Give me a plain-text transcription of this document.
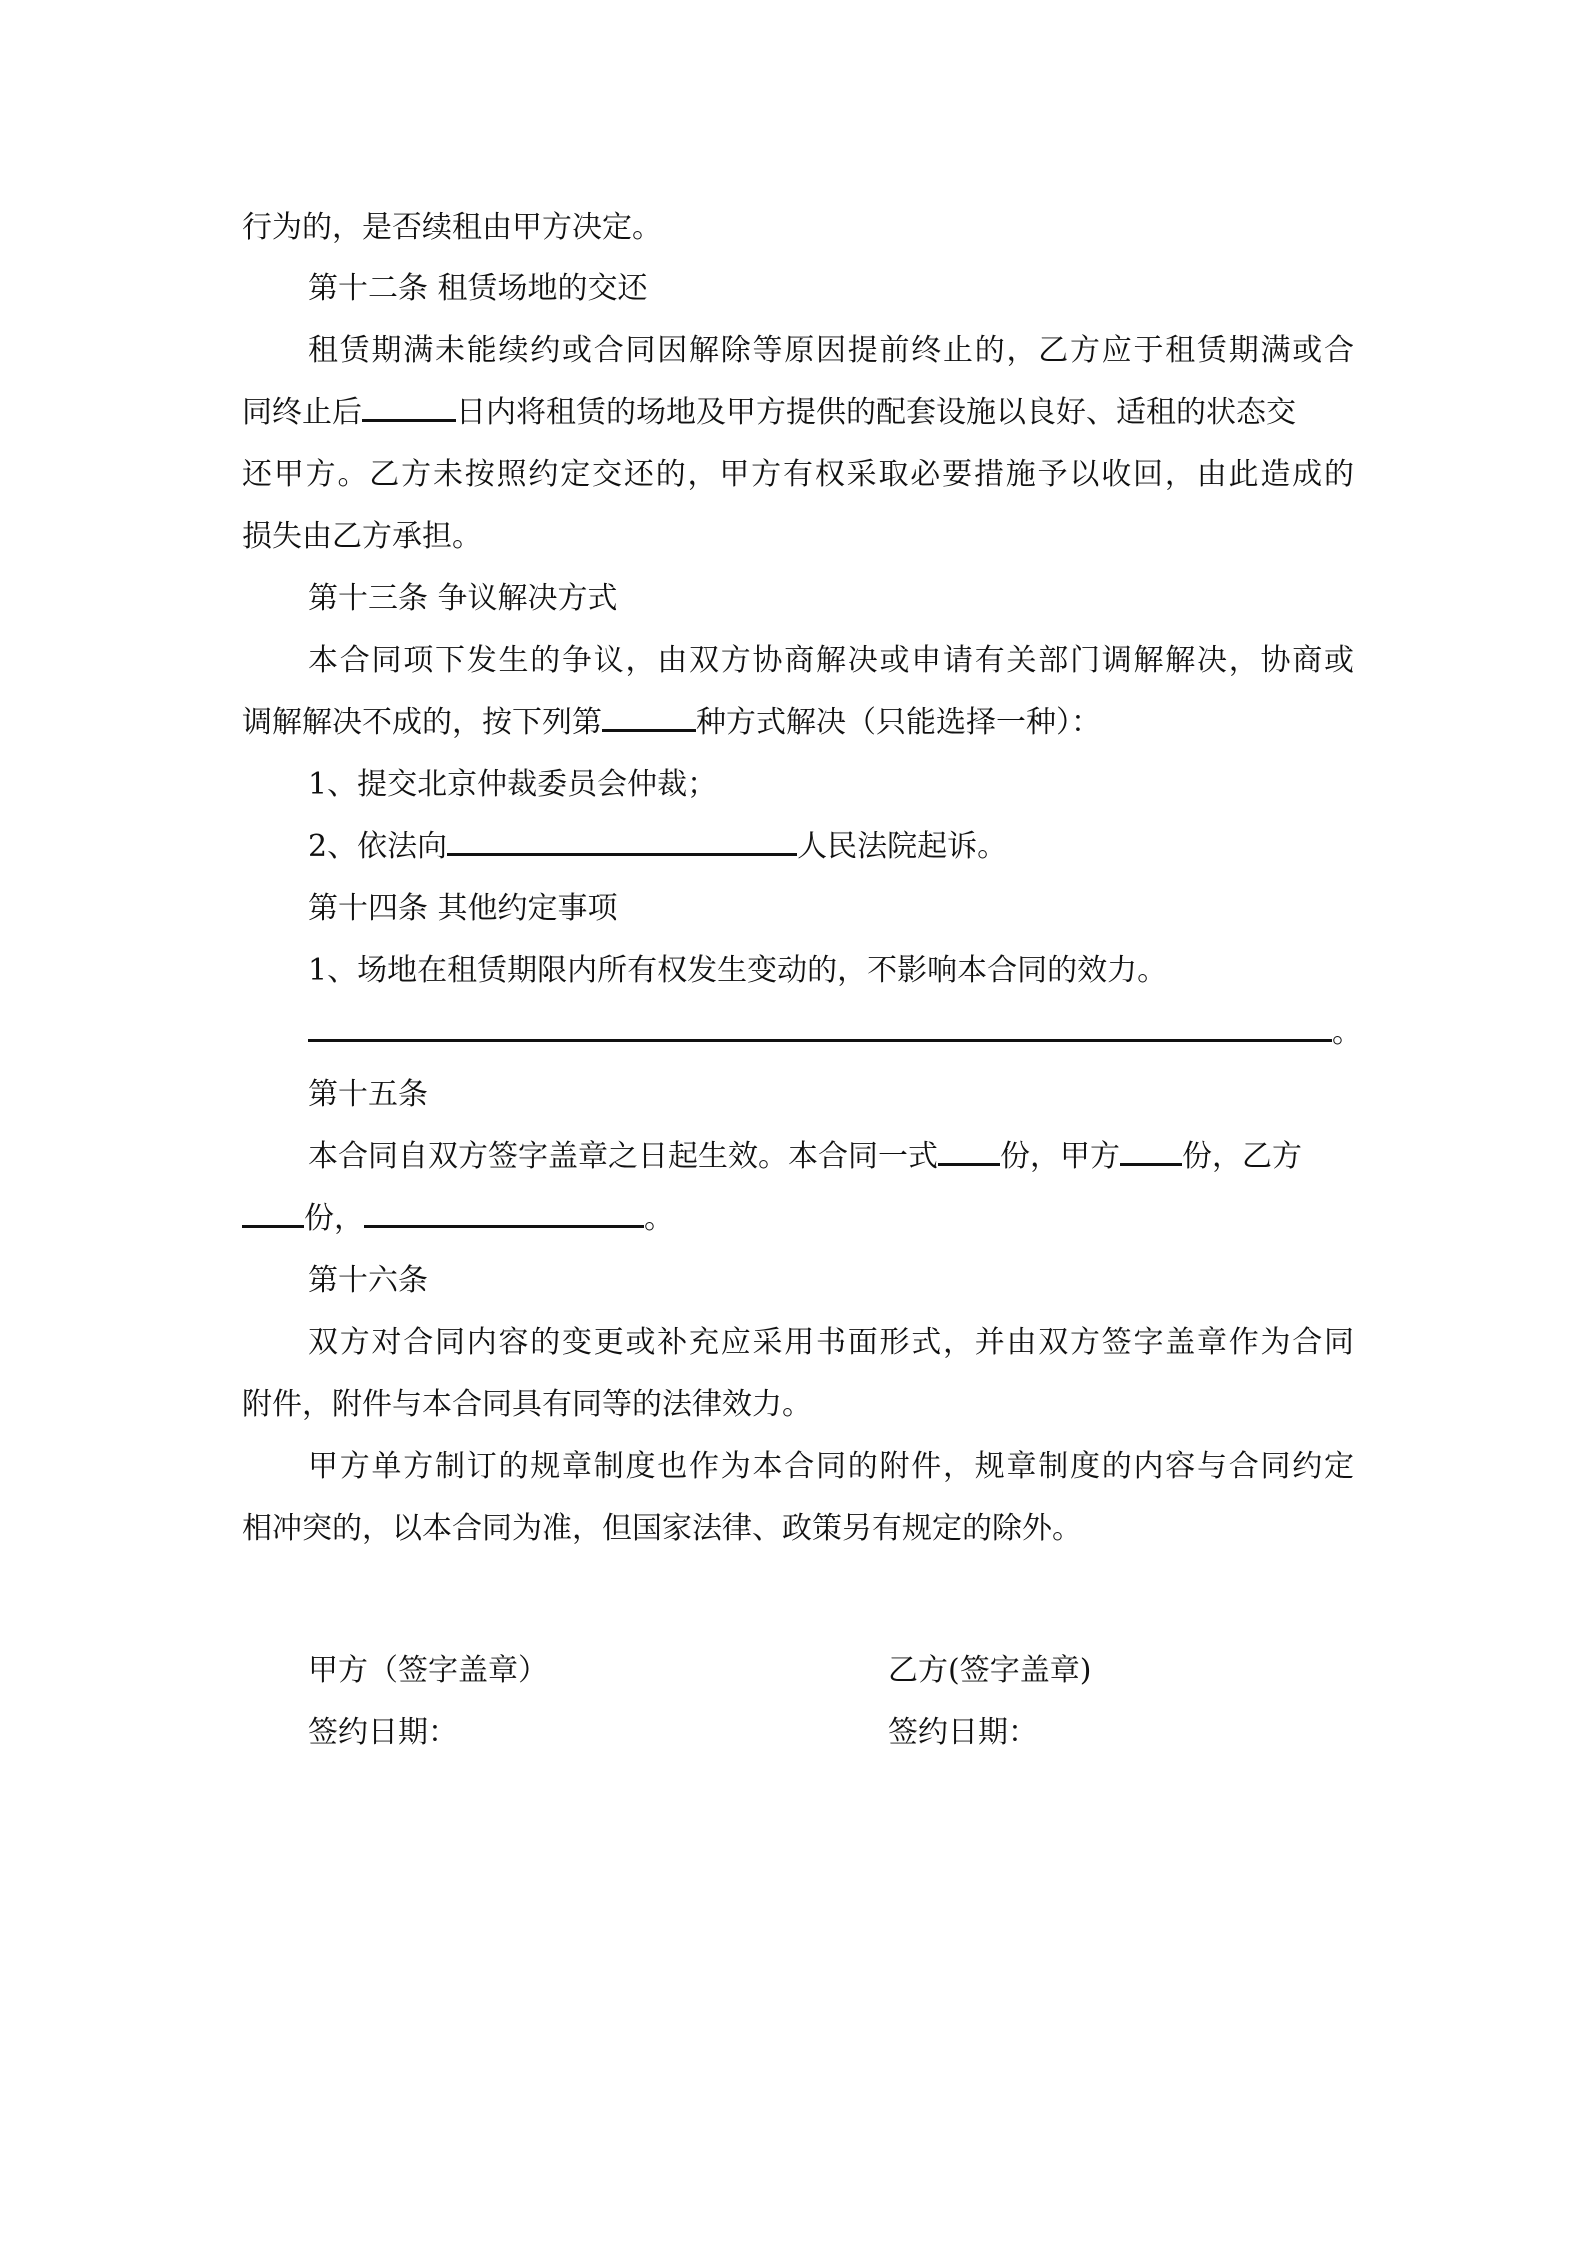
行为的，是否续租由甲方决定。
第十二条 租赁场地的交还
租赁期满未能续约或合同因解除等原因提前终止的，乙方应于租赁期满或合
同终止后	日内将租赁的场地及甲方提供的配套设施以良好、适租的状态交
还甲方。乙方未按照约定交还的，甲方有权采取必要措施予以收回，由此造成的
损失由乙方承担。
第十三条 争议解决方式
本合同项下发生的争议，由双方协商解决或申请有关部门调解解决，协商或
调解解决不成的，按下列第	种方式解决（只能选择一种）：
1、提交北京仲裁委员会仲裁；
2、依法向	人民法院起诉。
第十四条 其他约定事项
1、场地在租赁期限内所有权发生变动的，不影响本合同的效力。
。
第十五条
本合同自双方签字盖章之日起生效。本合同一式 份，甲方 份，乙方
份，	。
第十六条
双方对合同内容的变更或补充应采用书面形式，并由双方签字盖章作为合同
附件，附件与本合同具有同等的法律效力。
甲方单方制订的规章制度也作为本合同的附件，规章制度的内容与合同约定
相冲突的，以本合同为准，但国家法律、政策另有规定的除外。
甲方（签字盖章）	乙方(签字盖章)
签约日期：	签约日期：
